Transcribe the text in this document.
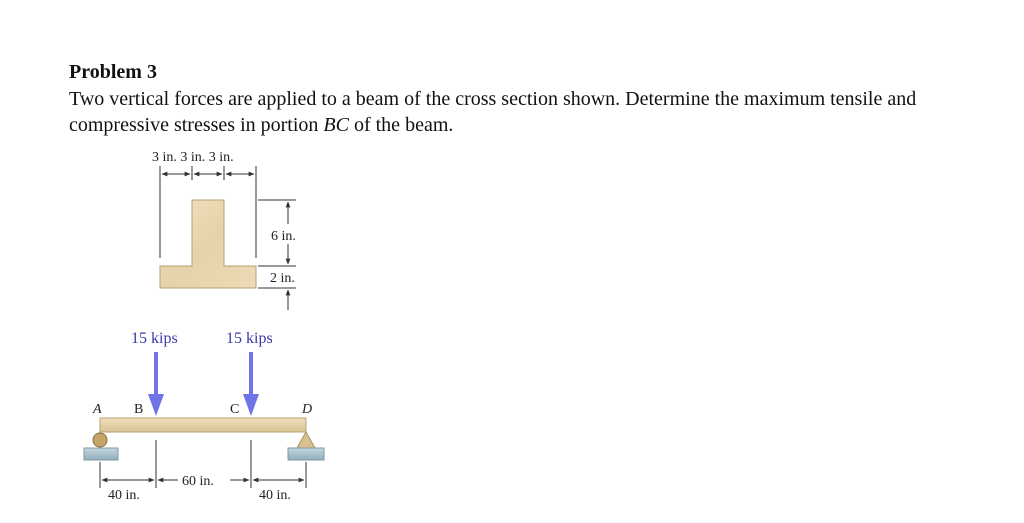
Problem 3
Two vertical forces are applied to a beam of the cross section shown. Determine the maximum tensile and compressive stresses in portion BC of the beam.
3 in. 3 in. 3 in.
6 in.
2 in.
15 kips	15 kips
A B	C	D
60 in.
40 in.	40 in.
